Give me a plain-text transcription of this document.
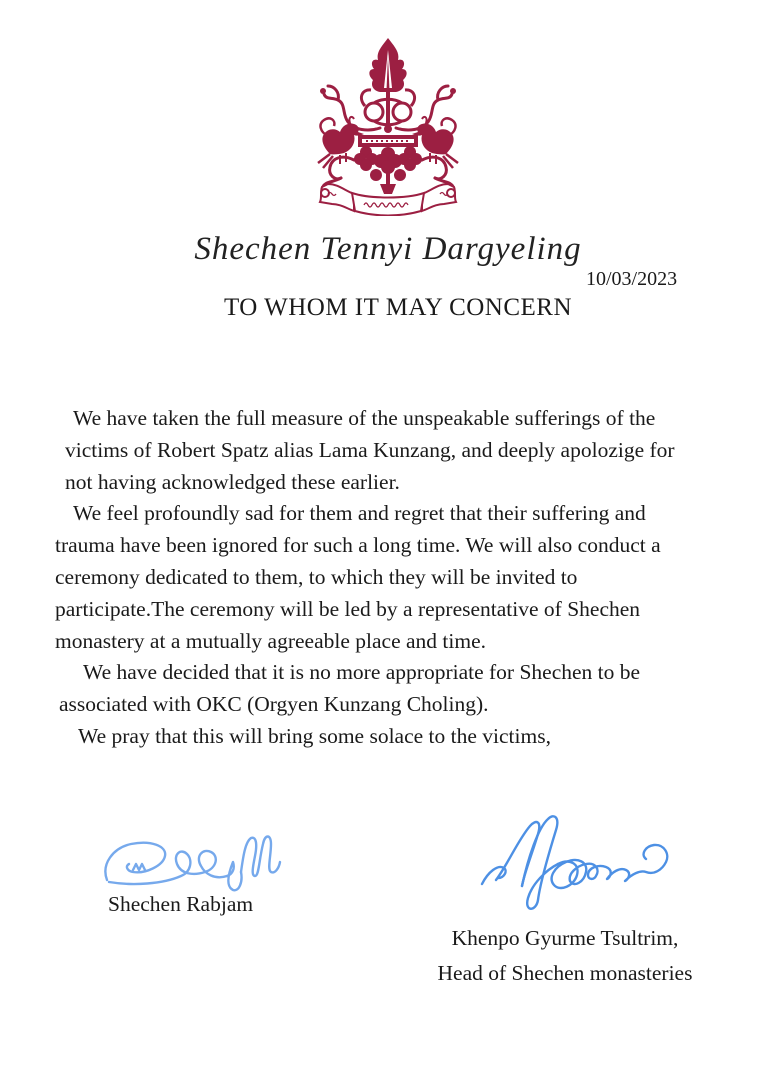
Shechen Tennyi Dargyeling
10/03/2023
TO WHOM IT MAY CONCERN
We have taken the full measure of the unspeakable sufferings of the
victims of Robert Spatz alias Lama Kunzang, and deeply apolozige for
not having acknowledged these earlier.
We feel profoundly sad for them and regret that their suffering and
trauma have been ignored for such a long time. We will also conduct a
ceremony dedicated to them, to which they will be invited to
participate.The ceremony will be led by a representative of Shechen
monastery at a mutually agreeable place and time.
We have decided that it is no more appropriate for Shechen to be
associated with OKC (Orgyen Kunzang Choling).
We pray that this will bring some solace to the victims,
Shechen Rabjam
Khenpo Gyurme Tsultrim,
Head of Shechen monasteries
